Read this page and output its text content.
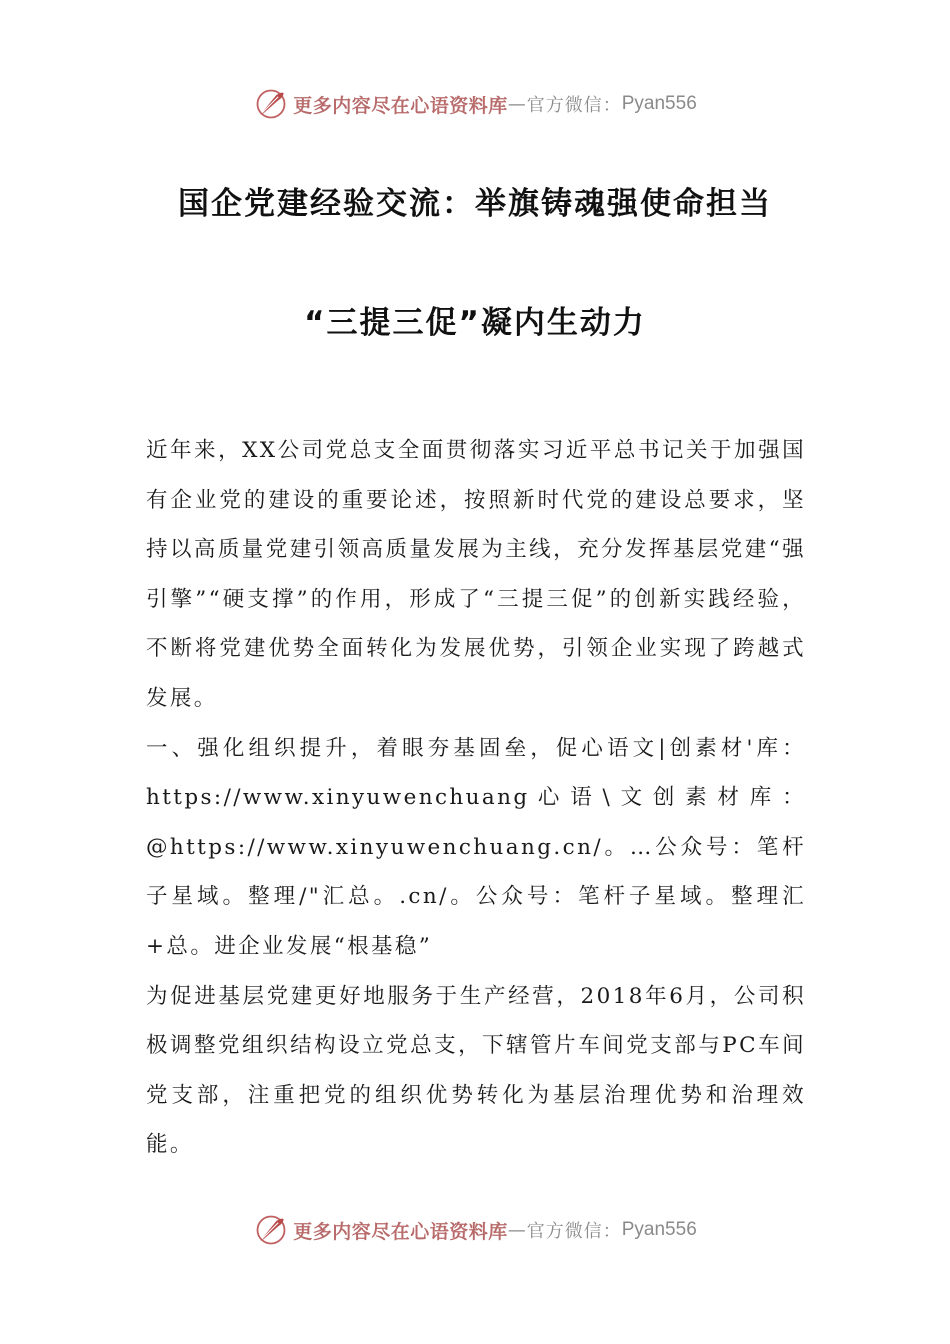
更多内容尽在心语资料库 — 官方微信： Pyan556
国企党建经验交流：举旗铸魂强使命担当
“三提三促”凝内生动力

近年来，XX公司党总支全面贯彻落实习近平总书记关于加强国有企业党的建设的重要论述，按照新时代党的建设总要求，坚持以高质量党建引领高质量发展为主线，充分发挥基层党建“强引擎”“硬支撑”的作用，形成了“三提三促”的创新实践经验，不断将党建优势全面转化为发展优势，引领企业实现了跨越式发展。

一、强化组织提升，着眼夯基固垒，促心语文|创素材'库：https://www.xinyuwenchuang心语\文创素材库：@https://www.xinyuwenchuang.cn/。…公众号：笔杆子星域。整理/"汇总。.cn/。公众号：笔杆子星域。整理汇+总。进企业发展“根基稳”

为促进基层党建更好地服务于生产经营，2018年6月，公司积极调整党组织结构设立党总支，下辖管片车间党支部与PC车间党支部，注重把党的组织优势转化为基层治理优势和治理效能。

更多内容尽在心语资料库 — 官方微信： Pyan556
